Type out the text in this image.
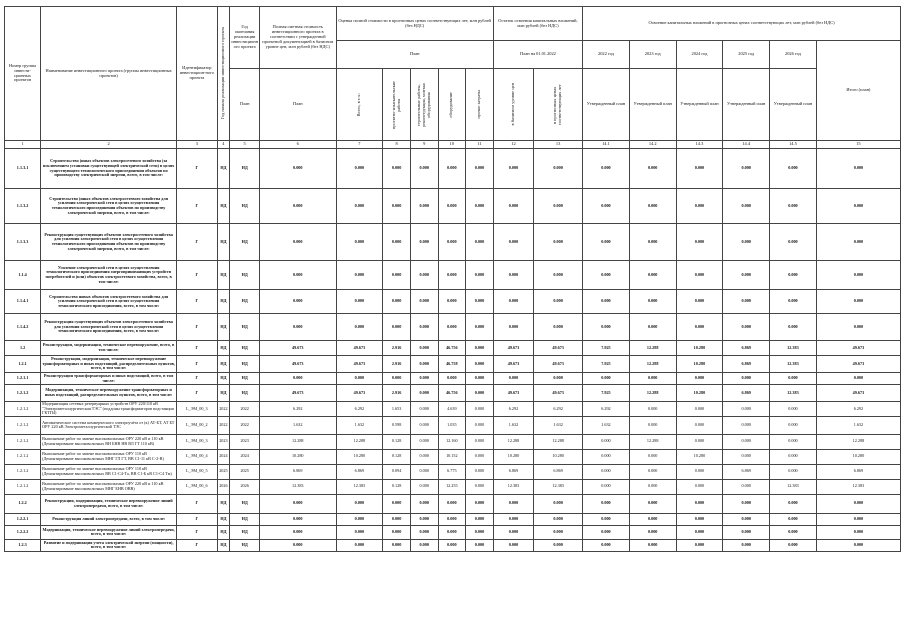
Номер группы инвести-ционных проектов	Наименование инвестиционного проекта (группы инвестиционных проектов)	Идентификатор инвестицион-ного проекта	Год начала реализации инвестиционного проекта	Год окончания реализации инвестиционного проекта	Полная сметная стоимость инвестиционного проекта в соответствии с утвержденной проектной документацией в базисном уровне цен, млн рублей (без НДС)	Оценка полной стоимости в прогнозных ценах соответствующих лет, млн рублей (без НДС)					Остаток освоения капитальных вложений, млн рублей (без НДС)		Освоение капитальных вложений в прогнозных ценах соответствующих лет, млн рублей (без НДС)					
						План					План на 01.01.2022		2022 год	2023 год	2024 год	2025 год	2026 год	Итого (план)
				План	План	Всего, в т.ч.:	проектно-изыскательские работы	строительные работы, реконструкция, монтаж оборудования	оборудование	прочие затраты	в базисном уровне цен	в прогнозных ценах соответствующих лет	Утвержденный план	Утвержденный план	Утвержденный план	Утвержденный план	Утвержденный план	
1	2	3	4	5	6	7	8	9	10	11	12	13	14.1	14.2	14.3	14.4	14.5	15
1.1.3.1	Строительство (иных объектов электросетевого хозяйства (за исключением установки существующей электрической сети) в целях существующего технологического присоединения объектов по производству электрической энергии, всего, в том числе:	Г	НД	НД	0.000	0.000	0.000	0.000	0.000	0.000	0.000	0.000	0.000	0.000	0.000	0.000	0.000	0.000
1.1.3.2	Строительство (иных объектов электросетевого хозяйства для усиления электрической сети в целях осуществления технологического присоединения объектов по производству электрической энергии, всего, в том числе:	Г	НД	НД	0.000	0.000	0.000	0.000	0.000	0.000	0.000	0.000	0.000	0.000	0.000	0.000	0.000	0.000
1.1.3.3	Реконструкция существующих объектов электросетевого хозяйства для усиления электрической сети в целях осуществления технологического присоединения объектов по производству электрической энергии, всего, в том числе:	Г	НД	НД	0.000	0.000	0.000	0.000	0.000	0.000	0.000	0.000	0.000	0.000	0.000	0.000	0.000	0.000
1.1.4	Усиление электрической сети в целях осуществления технологического присоединения энергопринимающих устройств потребителей и (или) объектов электросетевого хозяйства, всего, в том числе:	Г	НД	НД	0.000	0.000	0.000	0.000	0.000	0.000	0.000	0.000	0.000	0.000	0.000	0.000	0.000	0.000
1.1.4.1	Строительство новых объектов электросетевого хозяйства для усиления электрической сети в целях осуществления технологического присоединения, всего, в том числе:	Г	НД	НД	0.000	0.000	0.000	0.000	0.000	0.000	0.000	0.000	0.000	0.000	0.000	0.000	0.000	0.000
1.1.4.2	Реконструкция существующих объектов электросетевого хозяйства для усиления электрической сети в целях осуществления технологического присоединения, всего, в том числе:	Г	НД	НД	0.000	0.000	0.000	0.000	0.000	0.000	0.000	0.000	0.000	0.000	0.000	0.000	0.000	0.000
1.2	Реконструкция, модернизация, техническое перевооружение, всего, в том числе:	Г	НД	НД	49.673	49.673	2.916	0.000	46.756	0.000	49.673	49.673	7.925	12.288	10.280	6.869	12.383	49.673
1.2.1	Реконструкция, модернизация, техническое перевооружение трансформаторных и иных подстанций, распределительных пунктов, всего, в том числе:	Г	НД	НД	49.673	49.673	2.916	0.000	46.758	0.000	49.673	49.673	7.925	12.288	10.280	6.869	12.383	49.673
1.2.1.1	Реконструкция трансформаторных и иных подстанций, всего, в том числе:	Г	НД	НД	0.000	0.000	0.000	0.000	0.000	0.000	0.000	0.000	0.000	0.000	0.000	0.000	0.000	0.000
1.2.1.2	Модернизация, техническое перевооружение трансформаторных и иных подстанций, распределительных пунктов, всего, в том числе:	Г	НД	НД	49.673	49.673	2.916	0.000	46.756	0.000	49.673	49.673	7.925	12.288	10.280	6.869	12.383	49.673
1.2.1.2	Модернизация сетевых резервуарных устройств ОРУ 220/110 кВ "Электрометаллургическая ТЭС" (поддоны трансформаторов подстанции ГКТП4)	L_ЭМ_00_3	2022	2022	6.292	6.292	1.653	0.000	4.639	0.000	6.292	6.292	6.292	0.000	0.000	0.000	0.000	6.292
1.2.1.2	Автоматическое система коммерческого электроучёта от (к) АТ-БТ, АТ БТ ОРУ 220 кВ Электрометаллургической ТЭС	L_ЭМ_00_2	2022	2022	1.632	1.632	0.598	0.000	1.035	0.000	1.632	1.632	1.632	0.000	0.000	0.000	0.000	1.632
1.2.1.2	Выполнение работ по замене высоковольтных ОРУ 220 кВ и 110 кВ (Демонтирование высоковольтных ВН БНВ НВ ВЛ ГТ 110 кВ)	L_ЭМ_00_3	2023	2023	12.288	12.288	0.128	0.000	12.160	0.000	12.288	12.288	0.000	12.288	0.000	0.000	0.000	12.288
1.2.1.2	Выполнение работ по замене высоковольтных ОРУ 110 кВ (Демонтирование высоковольтных МНГ ГЛ ГТ, ВВ С1-11 кВ С-2-В)	L_ЭМ_00_4	2024	2024	10.280	10.280	0.128	0.000	10.152	0.000	10.280	10.280	0.000	0.000	10.280	0.000	0.000	10.280
1.2.1.2	Выполнение работ по замене высоковольтных ОРУ 110 кВ (Демонтирование высоковольтных ВВ С1-С4-Та, ВВ С1-Б кВ С1-С4 Тм)	L_ЭМ_00_5	2025	2025	6.869	6.869	0.094	0.000	6.775	0.000	6.869	6.869	0.000	0.000	0.000	6.869	0.000	6.869
1.2.1.2	Выполнение работ по замене высоковольтных ОРУ 220 кВ и 110 кВ (Демонтирование высоковольтных МНГ БНВ ОВВ)	L_ЭМ_00_6	2026	2026	12.383	12.383	0.128	0.000	12.255	0.000	12.383	12.383	0.000	0.000	0.000	0.000	12.383	12.383
1.2.2	Реконструкция, модернизация, техническое перевооружение линий электропередачи, всего, в том числе:	Г	НД	НД	0.000	0.000	0.000	0.000	0.000	0.000	0.000	0.000	0.000	0.000	0.000	0.000	0.000	0.000
1.2.2.1	Реконструкция линий электропередачи, всего, в том числе:	Г	НД	НД	0.000	0.000	0.000	0.000	0.000	0.000	0.000	0.000	0.000	0.000	0.000	0.000	0.000	0.000
1.2.2.2	Модернизация, техническое перевооружение линий электропередачи, всего, в том числе:	Г	НД	НД	0.000	0.000	0.000	0.000	0.000	0.000	0.000	0.000	0.000	0.000	0.000	0.000	0.000	0.000
1.2.3	Развитие и модернизация учета электрической энергии (мощности), всего, в том числе:	Г	НД	НД	0.000	0.000	0.000	0.000	0.000	0.000	0.000	0.000	0.000	0.000	0.000	0.000	0.000	0.000
